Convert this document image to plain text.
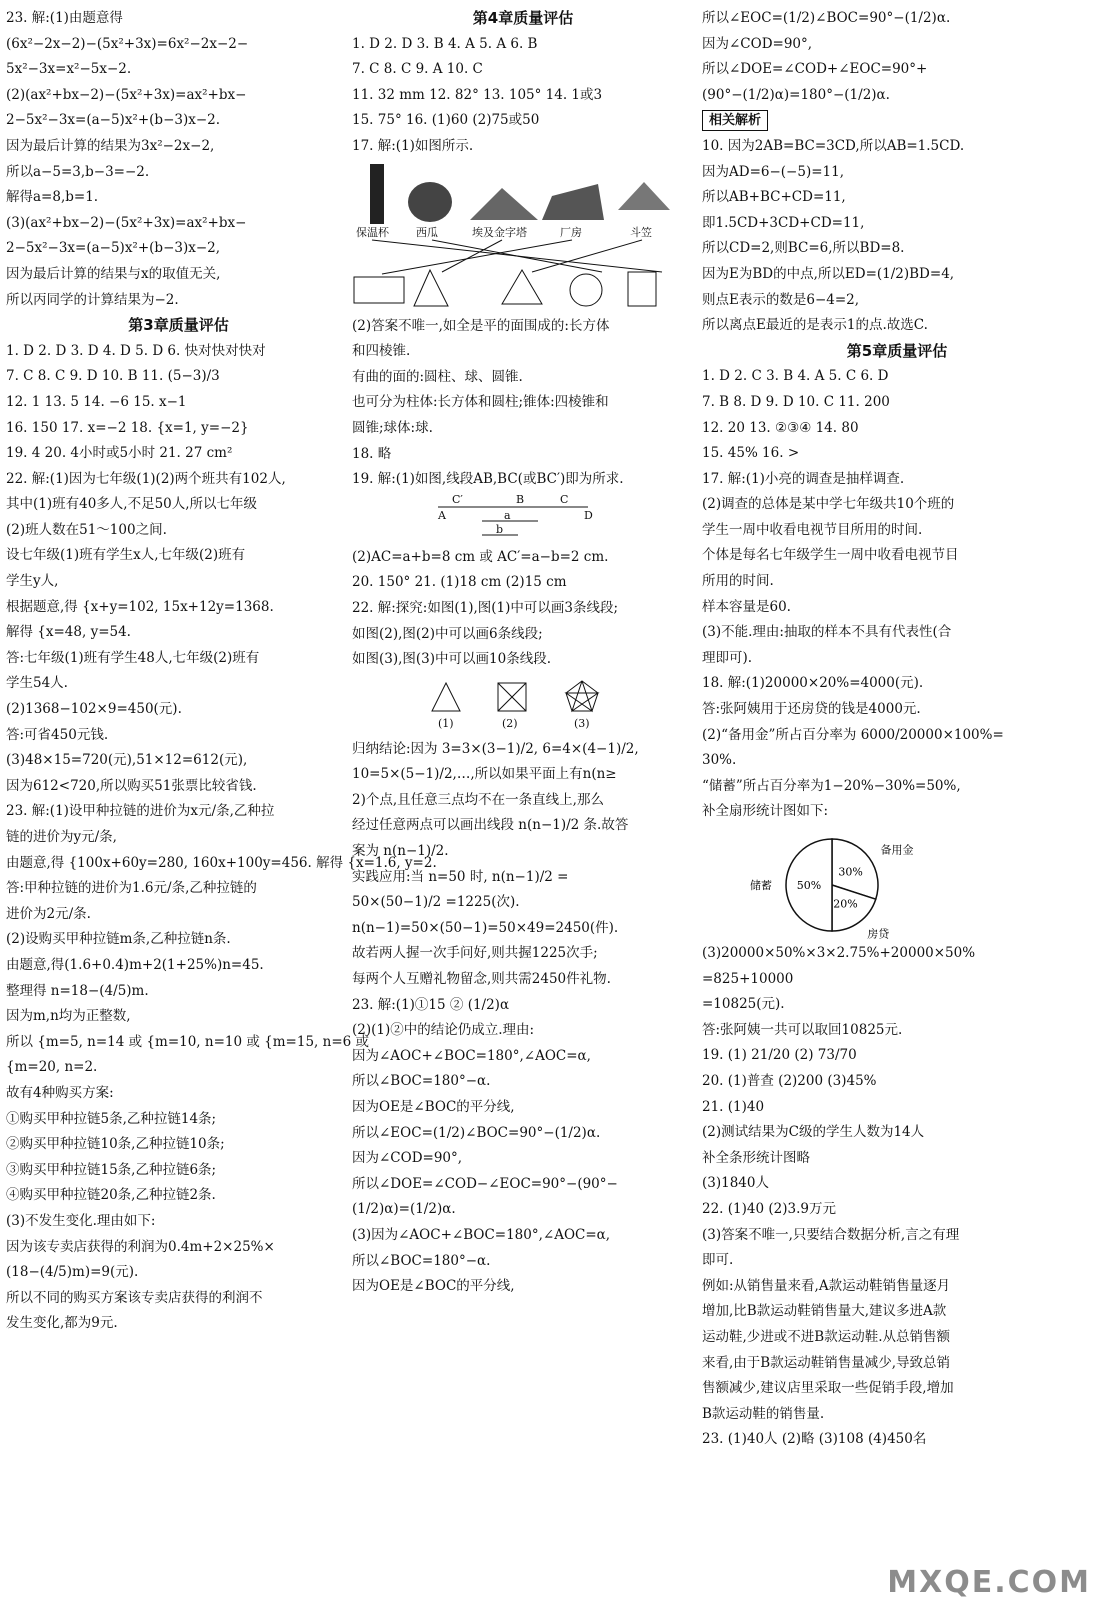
23. 解:(1)由题意得
(6x²−2x−2)−(5x²+3x)=6x²−2x−2−
5x²−3x=x²−5x−2.
(2)(ax²+bx−2)−(5x²+3x)=ax²+bx−
2−5x²−3x=(a−5)x²+(b−3)x−2.
因为最后计算的结果为3x²−2x−2,
所以a−5=3,b−3=−2.
解得a=8,b=1.
(3)(ax²+bx−2)−(5x²+3x)=ax²+bx−
2−5x²−3x=(a−5)x²+(b−3)x−2,
因为最后计算的结果与x的取值无关,
所以丙同学的计算结果为−2.
第3章质量评估
1. D 2. D 3. D 4. D 5. D 6. 快对快对快对
7. C 8. C 9. D 10. B 11. (5−3)/3
12. 1 13. 5 14. −6 15. x−1
16. 150 17. x=−2 18. {x=1, y=−2}
19. 4 20. 4小时或5小时 21. 27 cm²
22. 解:(1)因为七年级(1)(2)两个班共有102人,
其中(1)班有40多人,不足50人,所以七年级
(2)班人数在51～100之间.
设七年级(1)班有学生x人,七年级(2)班有
学生y人,
根据题意,得 {x+y=102, 15x+12y=1368.
解得 {x=48, y=54.
答:七年级(1)班有学生48人,七年级(2)班有
学生54人.
(2)1368−102×9=450(元).
答:可省450元钱.
(3)48×15=720(元),51×12=612(元),
因为612<720,所以购买51张票比较省钱.
23. 解:(1)设甲种拉链的进价为x元/条,乙种拉
链的进价为y元/条,
由题意,得 {100x+60y=280, 160x+100y=456. 解得 {x=1.6, y=2.
答:甲种拉链的进价为1.6元/条,乙种拉链的
进价为2元/条.
(2)设购买甲种拉链m条,乙种拉链n条.
由题意,得(1.6+0.4)m+2(1+25%)n=45.
整理得 n=18−(4/5)m.
因为m,n均为正整数,
所以 {m=5, n=14 或 {m=10, n=10 或 {m=15, n=6 或
{m=20, n=2.
故有4种购买方案:
①购买甲种拉链5条,乙种拉链14条;
②购买甲种拉链10条,乙种拉链10条;
③购买甲种拉链15条,乙种拉链6条;
④购买甲种拉链20条,乙种拉链2条.
(3)不发生变化.理由如下:
因为该专卖店获得的利润为0.4m+2×25%×
(18−(4/5)m)=9(元).
所以不同的购买方案该专卖店获得的利润不
发生变化,都为9元.
第4章质量评估
1. D 2. D 3. B 4. A 5. A 6. B
7. C 8. C 9. A 10. C
11. 32 mm 12. 82° 13. 105° 14. 1或3
15. 75° 16. (1)60 (2)75或50
17. 解:(1)如图所示.
保温杯 西瓜	埃及金字塔	厂房	斗笠
(2)答案不唯一,如全是平的面围成的:长方体
和四棱锥.
有曲的面的:圆柱、球、圆锥.
也可分为柱体:长方体和圆柱;锥体:四棱锥和
圆锥;球体:球.
18. 略
19. 解:(1)如图,线段AB,BC(或BC′)即为所求.
C′	B	C
A	D
a
b
(2)AC=a+b=8 cm 或 AC′=a−b=2 cm.
20. 150° 21. (1)18 cm (2)15 cm
22. 解:探究:如图(1),图(1)中可以画3条线段;
如图(2),图(2)中可以画6条线段;
如图(3),图(3)中可以画10条线段.
(1)	(2)	(3)
归纳结论:因为 3=3×(3−1)/2, 6=4×(4−1)/2,
10=5×(5−1)/2,…,所以如果平面上有n(n≥
2)个点,且任意三点均不在一条直线上,那么
经过任意两点可以画出线段 n(n−1)/2 条.故答
案为 n(n−1)/2.
实践应用:当 n=50 时, n(n−1)/2 =
50×(50−1)/2 =1225(次).
n(n−1)=50×(50−1)=50×49=2450(件).
故若两人握一次手问好,则共握1225次手;
每两个人互赠礼物留念,则共需2450件礼物.
23. 解:(1)①15 ② (1/2)α
(2)(1)②中的结论仍成立.理由:
因为∠AOC+∠BOC=180°,∠AOC=α,
所以∠BOC=180°−α.
因为OE是∠BOC的平分线,
所以∠EOC=(1/2)∠BOC=90°−(1/2)α.
因为∠COD=90°,
所以∠DOE=∠COD−∠EOC=90°−(90°−
(1/2)α)=(1/2)α.
(3)因为∠AOC+∠BOC=180°,∠AOC=α,
所以∠BOC=180°−α.
因为OE是∠BOC的平分线,
所以∠EOC=(1/2)∠BOC=90°−(1/2)α.
因为∠COD=90°,
所以∠DOE=∠COD+∠EOC=90°+
(90°−(1/2)α)=180°−(1/2)α.
相关解析
10. 因为2AB=BC=3CD,所以AB=1.5CD.
因为AD=6−(−5)=11,
所以AB+BC+CD=11,
即1.5CD+3CD+CD=11,
所以CD=2,则BC=6,所以BD=8.
因为E为BD的中点,所以ED=(1/2)BD=4,
则点E表示的数是6−4=2,
所以离点E最近的是表示1的点.故选C.
第5章质量评估
1. D 2. C 3. B 4. A 5. C 6. D
7. B 8. D 9. D 10. C 11. 200
12. 20 13. ②③④ 14. 80
15. 45% 16. >
17. 解:(1)小亮的调查是抽样调查.
(2)调查的总体是某中学七年级共10个班的
学生一周中收看电视节目所用的时间.
个体是每名七年级学生一周中收看电视节目
所用的时间.
样本容量是60.
(3)不能.理由:抽取的样本不具有代表性(合
理即可).
18. 解:(1)20000×20%=4000(元).
答:张阿姨用于还房贷的钱是4000元.
(2)“备用金”所占百分率为 6000/20000×100%=
30%.
“储蓄”所占百分率为1−20%−30%=50%,
补全扇形统计图如下:
30%
备用金
20%
房贷
50%
储蓄
(3)20000×50%×3×2.75%+20000×50%
=825+10000
=10825(元).
答:张阿姨一共可以取回10825元.
19. (1) 21/20 (2) 73/70
20. (1)普查 (2)200 (3)45%
21. (1)40
(2)测试结果为C级的学生人数为14人
补全条形统计图略
(3)1840人
22. (1)40 (2)3.9万元
(3)答案不唯一,只要结合数据分析,言之有理
即可.
例如:从销售量来看,A款运动鞋销售量逐月
增加,比B款运动鞋销售量大,建议多进A款
运动鞋,少进或不进B款运动鞋.从总销售额
来看,由于B款运动鞋销售量减少,导致总销
售额减少,建议店里采取一些促销手段,增加
B款运动鞋的销售量.
23. (1)40人 (2)略 (3)108 (4)450名
MXQE.COM
